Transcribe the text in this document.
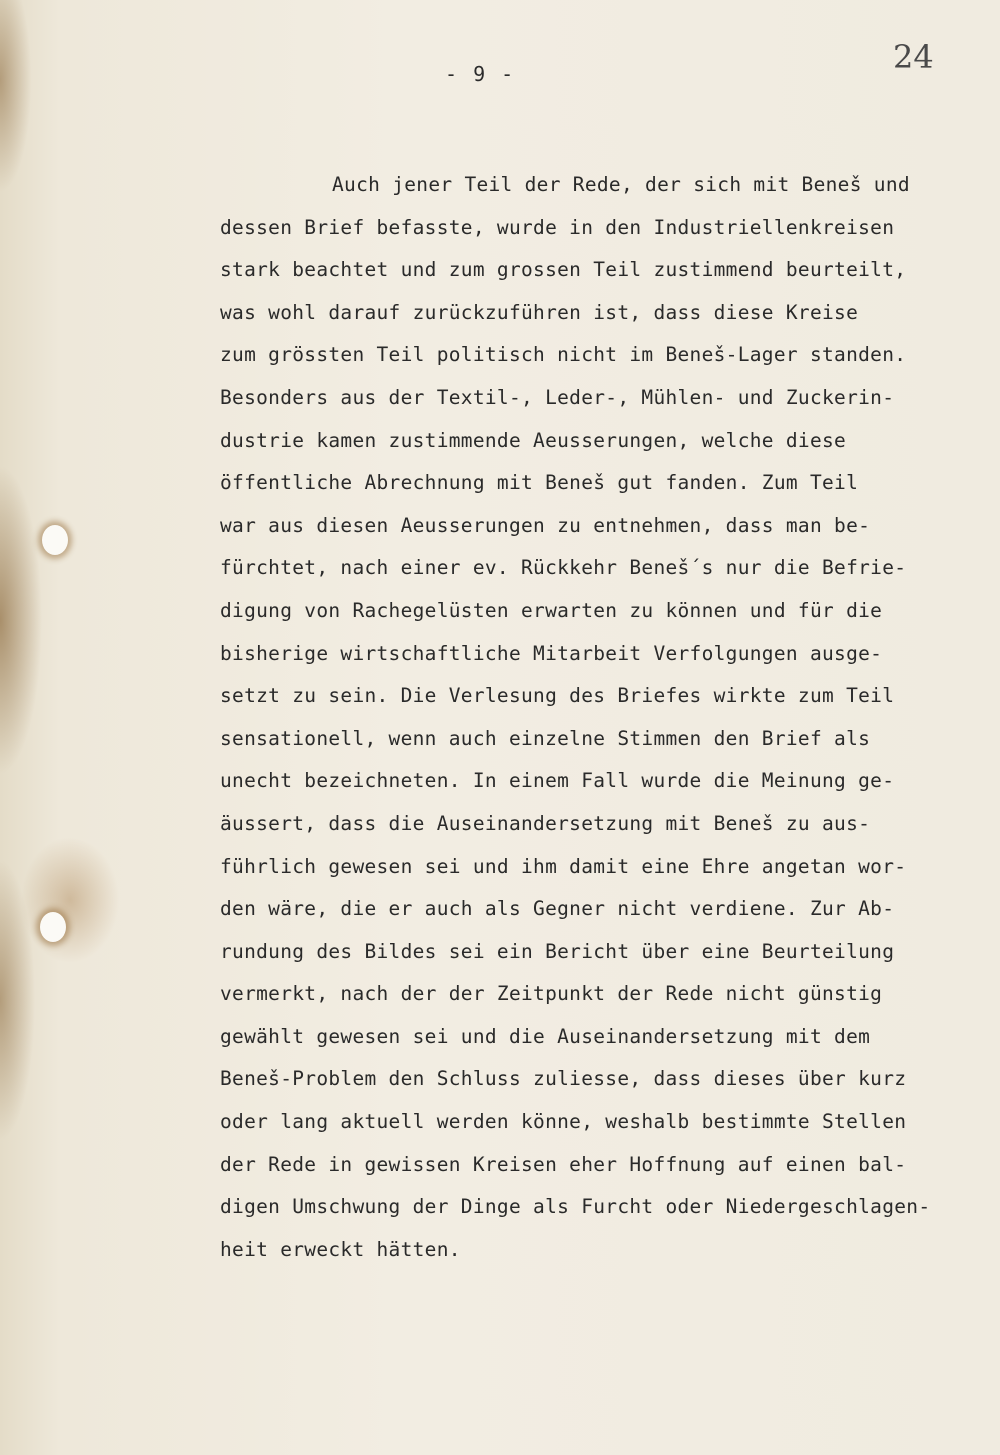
- 9 -	24
Auch jener Teil der Rede, der sich mit Beneš und
dessen Brief befasste, wurde in den Industriellenkreisen
stark beachtet und zum grossen Teil zustimmend beurteilt,
was wohl darauf zurückzuführen ist, dass diese Kreise
zum grössten Teil politisch nicht im Beneš-Lager standen.
Besonders aus der Textil-, Leder-, Mühlen- und Zuckerin-
dustrie kamen zustimmende Aeusserungen, welche diese
öffentliche Abrechnung mit Beneš gut fanden. Zum Teil
war aus diesen Aeusserungen zu entnehmen, dass man be-
fürchtet, nach einer ev. Rückkehr Beneš´s nur die Befrie-
digung von Rachegelüsten erwarten zu können und für die
bisherige wirtschaftliche Mitarbeit Verfolgungen ausge-
setzt zu sein. Die Verlesung des Briefes wirkte zum Teil
sensationell, wenn auch einzelne Stimmen den Brief als
unecht bezeichneten. In einem Fall wurde die Meinung ge-
äussert, dass die Auseinandersetzung mit Beneš zu aus-
führlich gewesen sei und ihm damit eine Ehre angetan wor-
den wäre, die er auch als Gegner nicht verdiene. Zur Ab-
rundung des Bildes sei ein Bericht über eine Beurteilung
vermerkt, nach der der Zeitpunkt der Rede nicht günstig
gewählt gewesen sei und die Auseinandersetzung mit dem
Beneš-Problem den Schluss zuliesse, dass dieses über kurz
oder lang aktuell werden könne, weshalb bestimmte Stellen
der Rede in gewissen Kreisen eher Hoffnung auf einen bal-
digen Umschwung der Dinge als Furcht oder Niedergeschlagen-
heit erweckt hätten.
